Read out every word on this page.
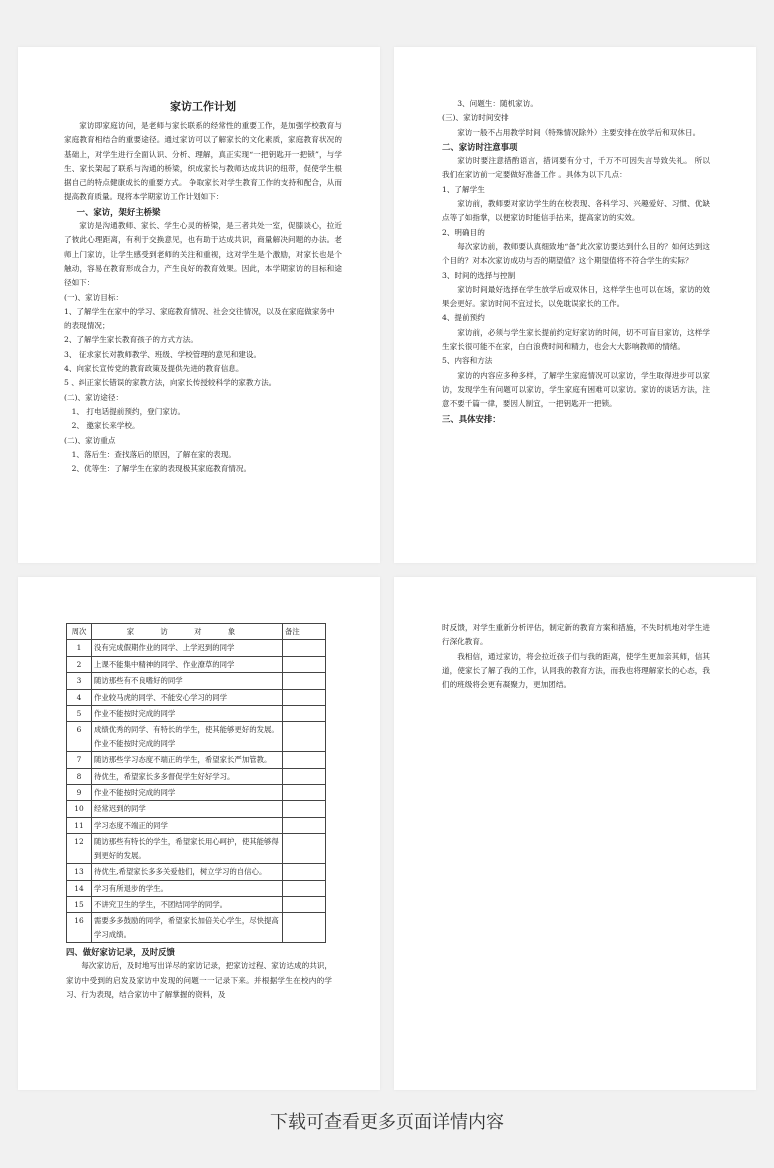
家访工作计划

家访即家庭访问，是老师与家长联系的经常性的重要工作，是加强学校教育与家庭教育相结合的重要途径。通过家访可以了解家长的文化素质，家庭教育状况的基础上，对学生进行全面认识、分析、理解，真正实现“一把钥匙开一把锁”，与学生、家长架起了联系与沟通的桥梁，织成家长与教师达成共识的纽带，促使学生根据自己的特点健康成长的重要方式。 争取家长对学生教育工作的支持和配合，从而提高教育质量。现将本学期家访工作计划如下：

一、家访，架好主桥梁

家访是沟通教师、家长、学生心灵的桥梁，是三者共处一室，促膝谈心，拉近了彼此心理距离，有利于交换意见，也有助于达成共识，商量解决问题的办法。老师上门家访，让学生感受到老师的关注和重视，这对学生是个激励，对家长也是个触动，容易在教育形成合力，产生良好的教育效果。因此，本学期家访的目标和途径如下：

(一)、家访目标：

1、了解学生在家中的学习、家庭教育情况、社会交往情况，以及在家庭做家务中的表现情况；

2、了解学生家长教育孩子的方式方法。

3、 征求家长对教师教学、班级、学校管理的意见和建设。

4、向家长宣传党的教育政策及提供先进的教育信息。

5 、纠正家长错误的家教方法，向家长传授较科学的家教方法。

(二)、家访途径：

1、 打电话提前预约，登门家访。

2、 邀家长来学校。

(二)、家访重点

1、落后生：查找落后的原因，了解在家的表现。

2、优等生：了解学生在家的表现极其家庭教育情况。

3、问题生：随机家访。

(三)、家访时间安排

家访一般不占用教学时间（特殊情况除外）主要安排在放学后和双休日。

二、家访时注意事项

家访时要注意措酌语言，措词要有分寸，千万不可因失言导致失礼。 所以我们在家访前一定要做好准备工作 。具体为以下几点：

1、了解学生

家访前，教师要对家访学生的在校表现、各科学习、兴趣爱好、习惯、优缺点等了如指掌，以便家访时能信手拈来，提高家访的实效。

2、明确目的

每次家访前，教师要认真细致地“备”此次家访要达到什么目的？如何达到这个目的？对本次家访成功与否的期望值？这个期望值将不符合学生的实际？

3、时间的选择与控制

家访时间最好选择在学生放学后或双休日，这样学生也可以在场，家访的效果会更好。家访时间不宜过长，以免耽误家长的工作。

4、提前预约

家访前，必须与学生家长提前约定好家访的时间，切不可盲目家访，这样学生家长很可能不在家，白白浪费时间和精力，也会大大影响教师的情绪。

5、内容和方法

家访的内容应多种多样，了解学生家庭情况可以家访，学生取得进步可以家访，发现学生有问题可以家访，学生家庭有困难可以家访。家访的谈话方法，注意不要千篇一律，要因人制宜，一把钥匙开一把锁。

三、具体安排：

周次	家 访 对 象	备注
1	没有完成假期作业的同学、上学迟到的同学	
2	上课不能集中精神的同学、作业潦草的同学	
3	随访那些有不良嗜好的同学	
4	作业较马虎的同学、不能安心学习的同学	
5	作业不能按时完成的同学	
6	成绩优秀的同学、有特长的学生，使其能够更好的发展。作业不能按时完成的同学	
7	随访那些学习态度不端正的学生，希望家长严加管教。	
8	待优生，希望家长多多督促学生好好学习。	
9	作业不能按时完成的同学	
10	经常迟到的同学	
11	学习态度不端正的同学	
12	随访那些有特长的学生，希望家长用心呵护，使其能够得到更好的发展。	
13	待优生,希望家长多多关爱他们，树立学习的自信心。	
14	学习有所退步的学生。	
15	不讲究卫生的学生，不团结同学的同学。	
16	需要多多鼓励的同学，希望家长加倍关心学生，尽快提高学习成绩。	

四、做好家访记录，及时反馈

每次家访后，及时地写出详尽的家访记录，把家访过程、家访达成的共识，家访中受到的启发及家访中发现的问题一一记录下来。并根据学生在校内的学习、行为表现，结合家访中了解掌握的资料，及

时反馈，对学生重新分析评估，制定新的教育方案和措施，不失时机地对学生进行深化教育。

我相信，通过家访，将会拉近孩子们与我的距离，使学生更加亲其师，信其道，使家长了解了我的工作，认同我的教育方法，而我也将理解家长的心态，我们的班级将会更有凝聚力，更加团结。

下载可查看更多页面详情内容
